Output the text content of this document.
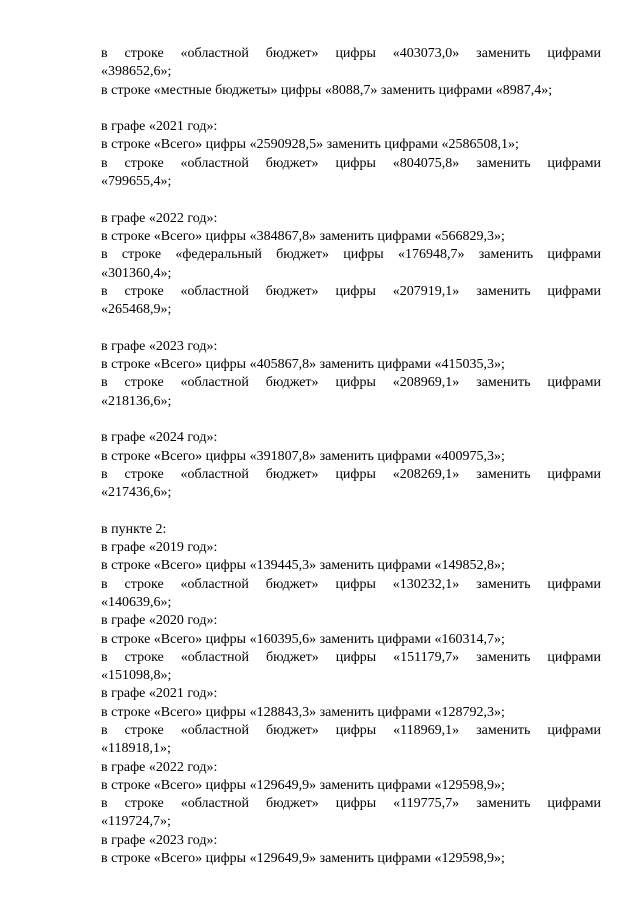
в строке «областной бюджет» цифры «403073,0» заменить цифрами
«398652,6»;
в строке «местные бюджеты» цифры «8088,7» заменить цифрами «8987,4»;
в графе «2021 год»:
в строке «Всего» цифры «2590928,5» заменить цифрами «2586508,1»;
в строке «областной бюджет» цифры «804075,8» заменить цифрами
«799655,4»;
в графе «2022 год»:
в строке «Всего» цифры «384867,8» заменить цифрами «566829,3»;
в строке «федеральный бюджет» цифры «176948,7» заменить цифрами
«301360,4»;
в строке «областной бюджет» цифры «207919,1» заменить цифрами
«265468,9»;
в графе «2023 год»:
в строке «Всего» цифры «405867,8» заменить цифрами «415035,3»;
в строке «областной бюджет» цифры «208969,1» заменить цифрами
«218136,6»;
в графе «2024 год»:
в строке «Всего» цифры «391807,8» заменить цифрами «400975,3»;
в строке «областной бюджет» цифры «208269,1» заменить цифрами
«217436,6»;
в пункте 2:
в графе «2019 год»:
в строке «Всего» цифры «139445,3» заменить цифрами «149852,8»;
в строке «областной бюджет» цифры «130232,1» заменить цифрами
«140639,6»;
в графе «2020 год»:
в строке «Всего» цифры «160395,6» заменить цифрами «160314,7»;
в строке «областной бюджет» цифры «151179,7» заменить цифрами
«151098,8»;
в графе «2021 год»:
в строке «Всего» цифры «128843,3» заменить цифрами «128792,3»;
в строке «областной бюджет» цифры «118969,1» заменить цифрами
«118918,1»;
в графе «2022 год»:
в строке «Всего» цифры «129649,9» заменить цифрами «129598,9»;
в строке «областной бюджет» цифры «119775,7» заменить цифрами
«119724,7»;
в графе «2023 год»:
в строке «Всего» цифры «129649,9» заменить цифрами «129598,9»;
